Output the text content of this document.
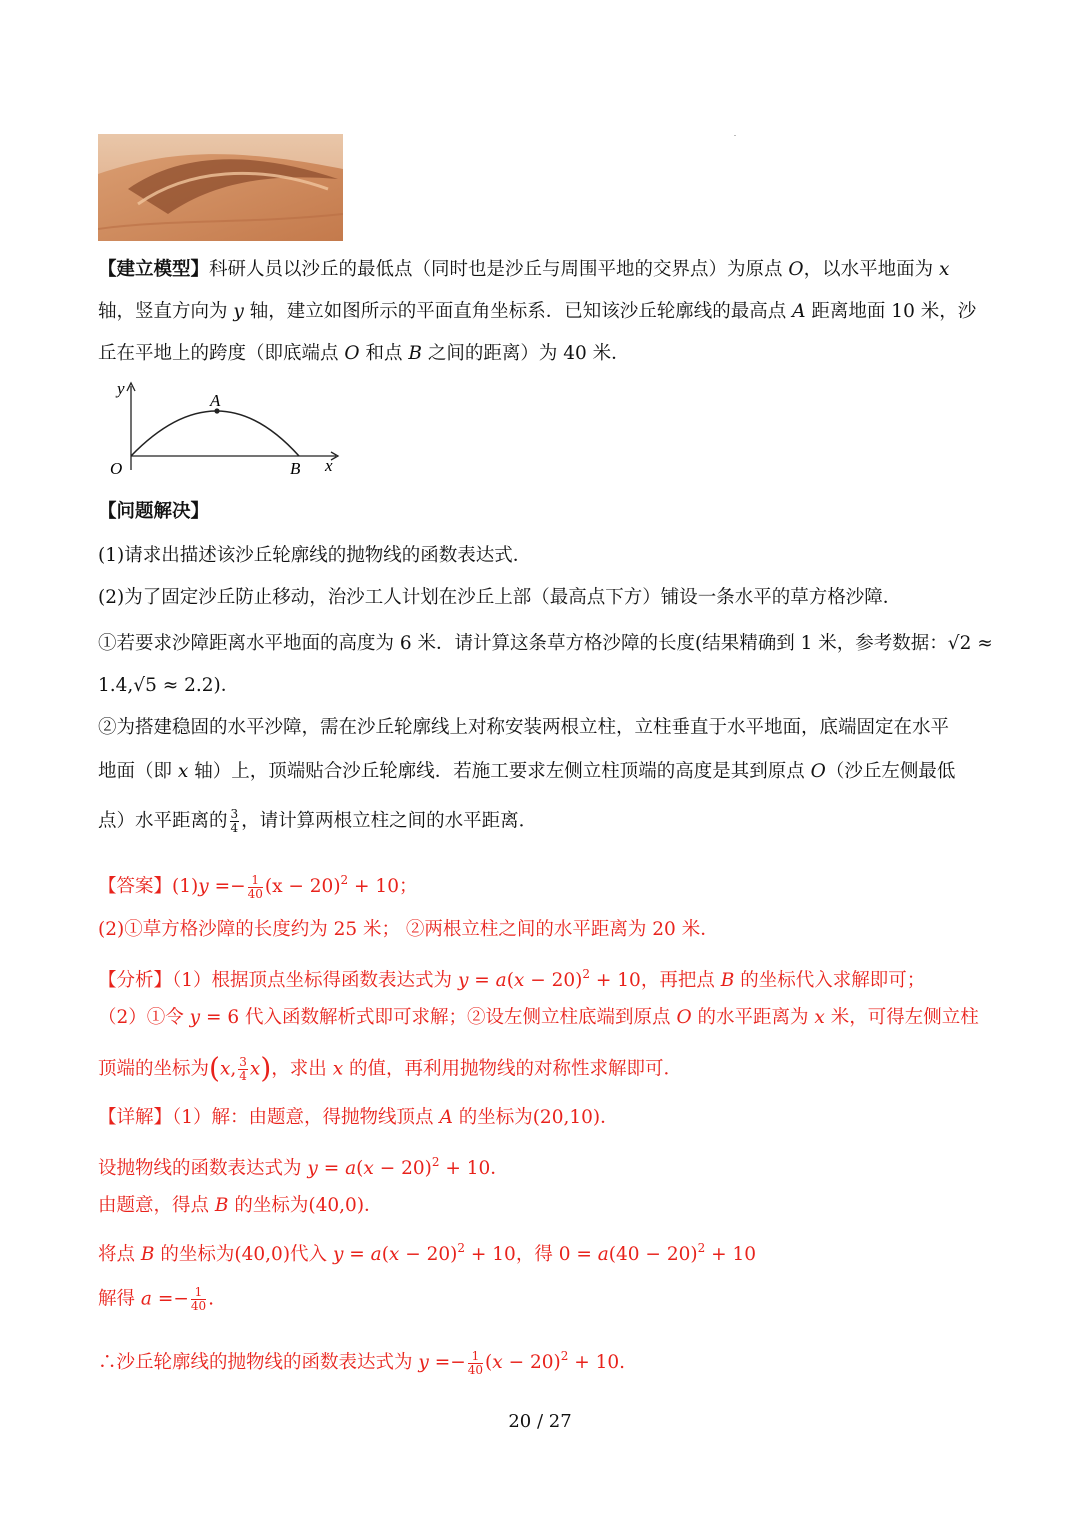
【建立模型】科研人员以沙丘的最低点（同时也是沙丘与周围平地的交界点）为原点 O，以水平地面为 x
轴，竖直方向为 y 轴，建立如图所示的平面直角坐标系．已知该沙丘轮廓线的最高点 A 距离地面 10 米，沙
丘在平地上的跨度（即底端点 O 和点 B 之间的距离）为 40 米．
y
x
O
A
B
【问题解决】
(1)请求出描述该沙丘轮廓线的抛物线的函数表达式．
(2)为了固定沙丘防止移动，治沙工人计划在沙丘上部（最高点下方）铺设一条水平的草方格沙障．
①若要求沙障距离水平地面的高度为 6 米．请计算这条草方格沙障的长度(结果精确到 1 米，参考数据：√2 ≈
1.4,√5 ≈ 2.2)．
②为搭建稳固的水平沙障，需在沙丘轮廓线上对称安装两根立柱，立柱垂直于水平地面，底端固定在水平
地面（即 x 轴）上，顶端贴合沙丘轮廓线．若施工要求左侧立柱顶端的高度是其到原点 O（沙丘左侧最低
点）水平距离的 $\frac{3}{4}$ ，请计算两根立柱之间的水平距离．
【答案】$(1)y =- \frac{1}{40} (x - 20)^2 + 10$；
(2)①草方格沙障的长度约为 25 米； ②两根立柱之间的水平距离为 20 米．
【分析】（1）根据顶点坐标得函数表达式为 $y = a(x - 20)^2 + 10$，再把点 B 的坐标代入求解即可；
（2）①令 y = 6 代入函数解析式即可求解；②设左侧立柱底端到原点 O 的水平距离为 x 米，可得左侧立柱
顶端的坐标为(x, $\frac{3}{4} x$)，求出 x 的值，再利用抛物线的对称性求解即可．
【详解】（1）解：由题意，得抛物线顶点 A 的坐标为(20,10)．
设抛物线的函数表达式为 $y = a(x - 20)^2 + 10$．
由题意，得点 B 的坐标为(40,0)．
将点 B 的坐标为(40,0)代入 $y = a(x - 20)^2 + 10$，得 $0 = a(40 - 20)^2 + 10$
解得 $a =- \frac{1}{40}$ .
∴沙丘轮廓线的抛物线的函数表达式为 $y =- \frac{1}{40} (x - 20)^2 + 10$.
20 / 27
